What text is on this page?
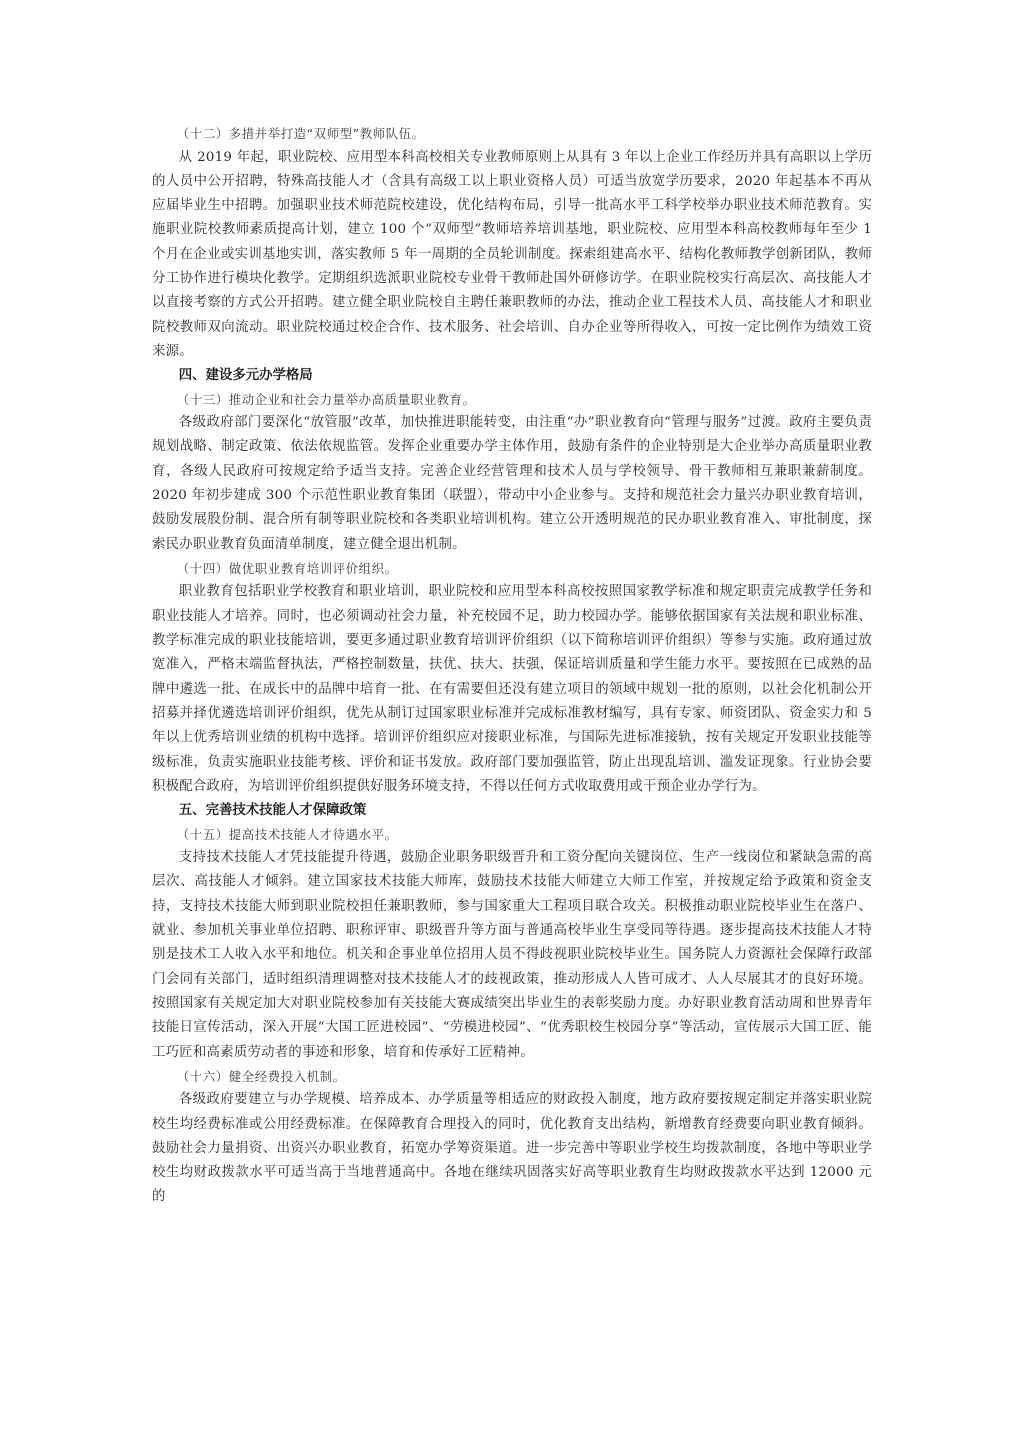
（十二）多措并举打造“双师型”教师队伍。

从 2019 年起，职业院校、应用型本科高校相关专业教师原则上从具有 3 年以上企业工作经历并具有高职以上学历的人员中公开招聘，特殊高技能人才（含具有高级工以上职业资格人员）可适当放宽学历要求，2020 年起基本不再从应届毕业生中招聘。加强职业技术师范院校建设，优化结构布局，引导一批高水平工科学校举办职业技术师范教育。实施职业院校教师素质提高计划，建立 100 个“双师型”教师培养培训基地，职业院校、应用型本科高校教师每年至少 1 个月在企业或实训基地实训，落实教师 5 年一周期的全员轮训制度。探索组建高水平、结构化教师教学创新团队，教师分工协作进行模块化教学。定期组织选派职业院校专业骨干教师赴国外研修访学。在职业院校实行高层次、高技能人才以直接考察的方式公开招聘。建立健全职业院校自主聘任兼职教师的办法，推动企业工程技术人员、高技能人才和职业院校教师双向流动。职业院校通过校企合作、技术服务、社会培训、自办企业等所得收入，可按一定比例作为绩效工资来源。

四、建设多元办学格局

（十三）推动企业和社会力量举办高质量职业教育。

各级政府部门要深化“放管服”改革，加快推进职能转变，由注重“办”职业教育向“管理与服务”过渡。政府主要负责规划战略、制定政策、依法依规监管。发挥企业重要办学主体作用，鼓励有条件的企业特别是大企业举办高质量职业教育，各级人民政府可按规定给予适当支持。完善企业经营管理和技术人员与学校领导、骨干教师相互兼职兼薪制度。2020 年初步建成 300 个示范性职业教育集团（联盟），带动中小企业参与。支持和规范社会力量兴办职业教育培训，鼓励发展股份制、混合所有制等职业院校和各类职业培训机构。建立公开透明规范的民办职业教育准入、审批制度，探索民办职业教育负面清单制度，建立健全退出机制。

（十四）做优职业教育培训评价组织。

职业教育包括职业学校教育和职业培训，职业院校和应用型本科高校按照国家教学标准和规定职责完成教学任务和职业技能人才培养。同时，也必须调动社会力量，补充校园不足，助力校园办学。能够依据国家有关法规和职业标准、教学标准完成的职业技能培训，要更多通过职业教育培训评价组织（以下简称培训评价组织）等参与实施。政府通过放宽准入，严格末端监督执法，严格控制数量，扶优、扶大、扶强，保证培训质量和学生能力水平。要按照在已成熟的品牌中遴选一批、在成长中的品牌中培育一批、在有需要但还没有建立项目的领域中规划一批的原则，以社会化机制公开招募并择优遴选培训评价组织，优先从制订过国家职业标准并完成标准教材编写，具有专家、师资团队、资金实力和 5 年以上优秀培训业绩的机构中选择。培训评价组织应对接职业标准，与国际先进标准接轨，按有关规定开发职业技能等级标准，负责实施职业技能考核、评价和证书发放。政府部门要加强监管，防止出现乱培训、滥发证现象。行业协会要积极配合政府，为培训评价组织提供好服务环境支持，不得以任何方式收取费用或干预企业办学行为。

五、完善技术技能人才保障政策

（十五）提高技术技能人才待遇水平。

支持技术技能人才凭技能提升待遇，鼓励企业职务职级晋升和工资分配向关键岗位、生产一线岗位和紧缺急需的高层次、高技能人才倾斜。建立国家技术技能大师库，鼓励技术技能大师建立大师工作室，并按规定给予政策和资金支持，支持技术技能大师到职业院校担任兼职教师，参与国家重大工程项目联合攻关。积极推动职业院校毕业生在落户、就业、参加机关事业单位招聘、职称评审、职级晋升等方面与普通高校毕业生享受同等待遇。逐步提高技术技能人才特别是技术工人收入水平和地位。机关和企事业单位招用人员不得歧视职业院校毕业生。国务院人力资源社会保障行政部门会同有关部门，适时组织清理调整对技术技能人才的歧视政策，推动形成人人皆可成才、人人尽展其才的良好环境。按照国家有关规定加大对职业院校参加有关技能大赛成绩突出毕业生的表彰奖励力度。办好职业教育活动周和世界青年技能日宣传活动，深入开展“大国工匠进校园”、“劳模进校园”、“优秀职校生校园分享”等活动，宣传展示大国工匠、能工巧匠和高素质劳动者的事迹和形象，培育和传承好工匠精神。

（十六）健全经费投入机制。

各级政府要建立与办学规模、培养成本、办学质量等相适应的财政投入制度，地方政府要按规定制定并落实职业院校生均经费标准或公用经费标准。在保障教育合理投入的同时，优化教育支出结构，新增教育经费要向职业教育倾斜。鼓励社会力量捐资、出资兴办职业教育，拓宽办学筹资渠道。进一步完善中等职业学校生均拨款制度，各地中等职业学校生均财政拨款水平可适当高于当地普通高中。各地在继续巩固落实好高等职业教育生均财政拨款水平达到 12000 元的
